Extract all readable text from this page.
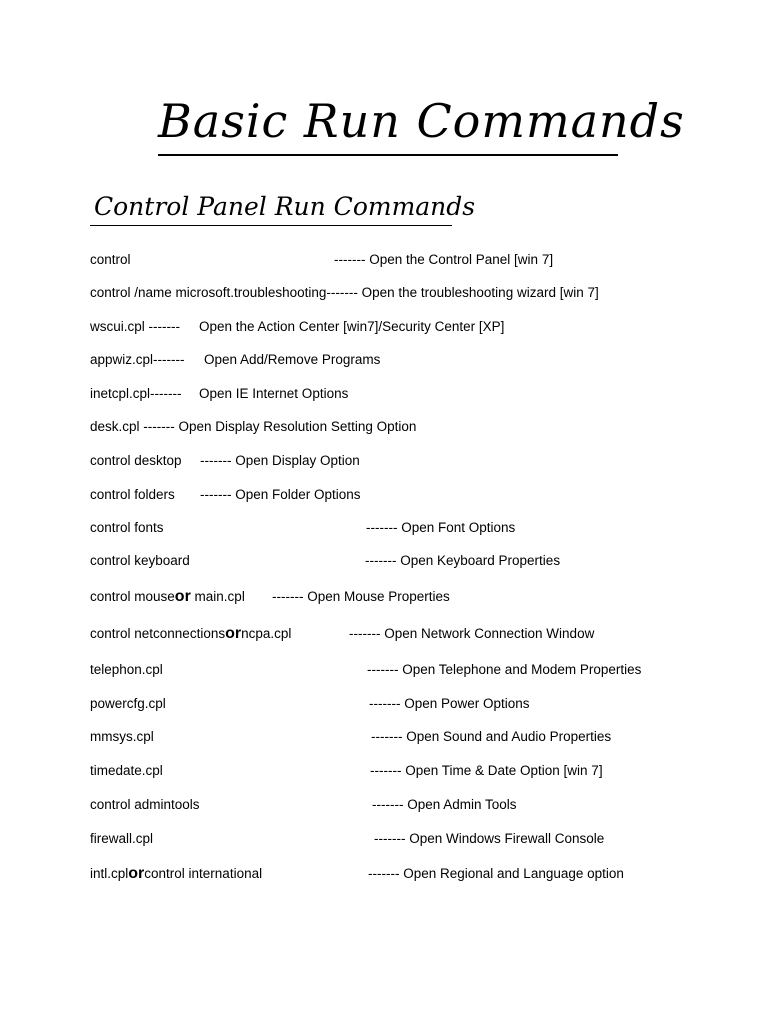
Basic Run Commands
Control Panel Run Commands
control	------- Open the Control Panel [win 7]
control /name microsoft.troubleshooting------- Open the troubleshooting wizard [win 7]
wscui.cpl ------- Open the Action Center [win7]/Security Center [XP]
appwiz.cpl------- Open Add/Remove Programs
inetcpl.cpl------- Open IE Internet Options
desk.cpl ------- Open Display Resolution Setting Option
control desktop ------- Open Display Option
control folders ------- Open Folder Options
control fonts	------- Open Font Options
control keyboard	------- Open Keyboard Properties
control mouseor main.cpl ------- Open Mouse Properties
control netconnectionsorncpa.cpl	------- Open Network Connection Window
telephon.cpl	------- Open Telephone and Modem Properties
powercfg.cpl	------- Open Power Options
mmsys.cpl	------- Open Sound and Audio Properties
timedate.cpl	------- Open Time & Date Option [win 7]
control admintools	------- Open Admin Tools
firewall.cpl	------- Open Windows Firewall Console
intl.cplorcontrol international	------- Open Regional and Language option
